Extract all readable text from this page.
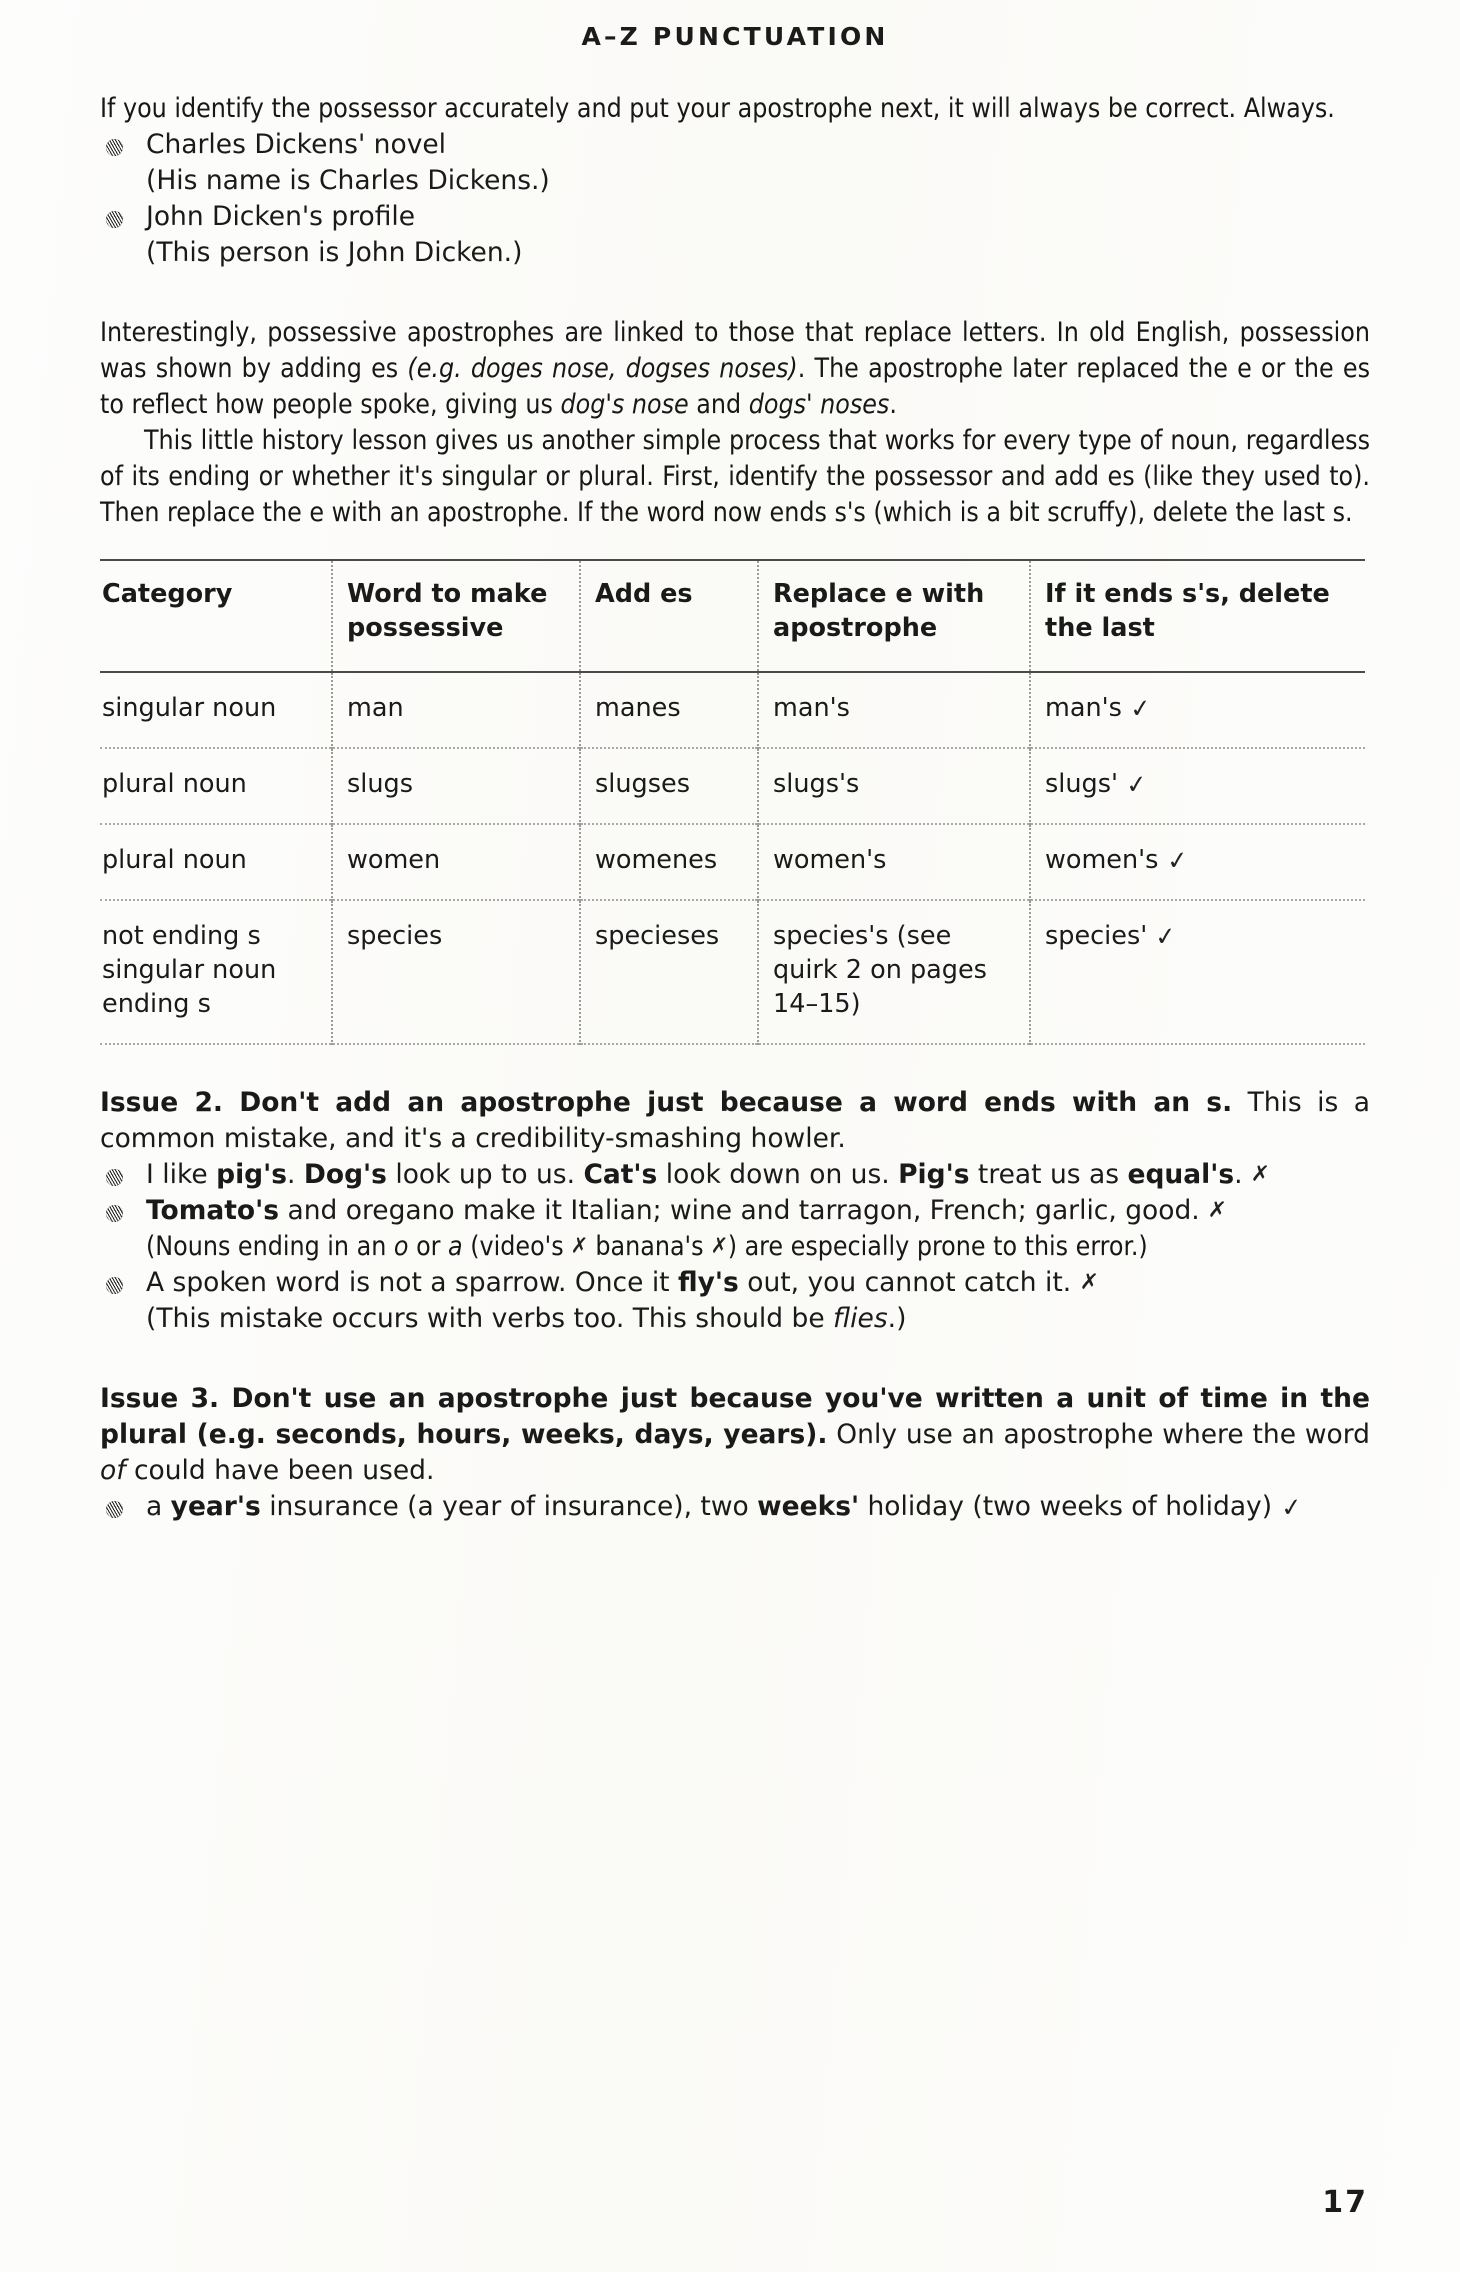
A–Z PUNCTUATION

If you identify the possessor accurately and put your apostrophe next, it will always be correct. Always.

Charles Dickens' novel
(His name is Charles Dickens.)
John Dicken's profile
(This person is John Dicken.)

Interestingly, possessive apostrophes are linked to those that replace letters. In old English, possession was shown by adding es (e.g. doges nose, dogses noses). The apostrophe later replaced the e or the es to reflect how people spoke, giving us dog's nose and dogs' noses.

This little history lesson gives us another simple process that works for every type of noun, regardless of its ending or whether it's singular or plural. First, identify the possessor and add es (like they used to). Then replace the e with an apostrophe. If the word now ends s's (which is a bit scruffy), delete the last s.

Category	Word to make possessive	Add es	Replace e with apostrophe	If it ends s's, delete the last
singular noun	man	manes	man's	man's ✓
plural noun	slugs	slugses	slugs's	slugs' ✓
plural noun	women	womenes	women's	women's ✓
not ending s singular noun ending s	species	specieses	species's (see quirk 2 on pages 14–15)	species' ✓
Issue 2. Don't add an apostrophe just because a word ends with an s. This is a common mistake, and it's a credibility-smashing howler.
I like pig's. Dog's look up to us. Cat's look down on us. Pig's treat us as equal's. ✗
Tomato's and oregano make it Italian; wine and tarragon, French; garlic, good. ✗
(Nouns ending in an o or a (video's ✗ banana's ✗) are especially prone to this error.)
A spoken word is not a sparrow. Once it fly's out, you cannot catch it. ✗
(This mistake occurs with verbs too. This should be flies.)
Issue 3. Don't use an apostrophe just because you've written a unit of time in the plural (e.g. seconds, hours, weeks, days, years). Only use an apostrophe where the word of could have been used.
a year's insurance (a year of insurance), two weeks' holiday (two weeks of holiday) ✓
17
